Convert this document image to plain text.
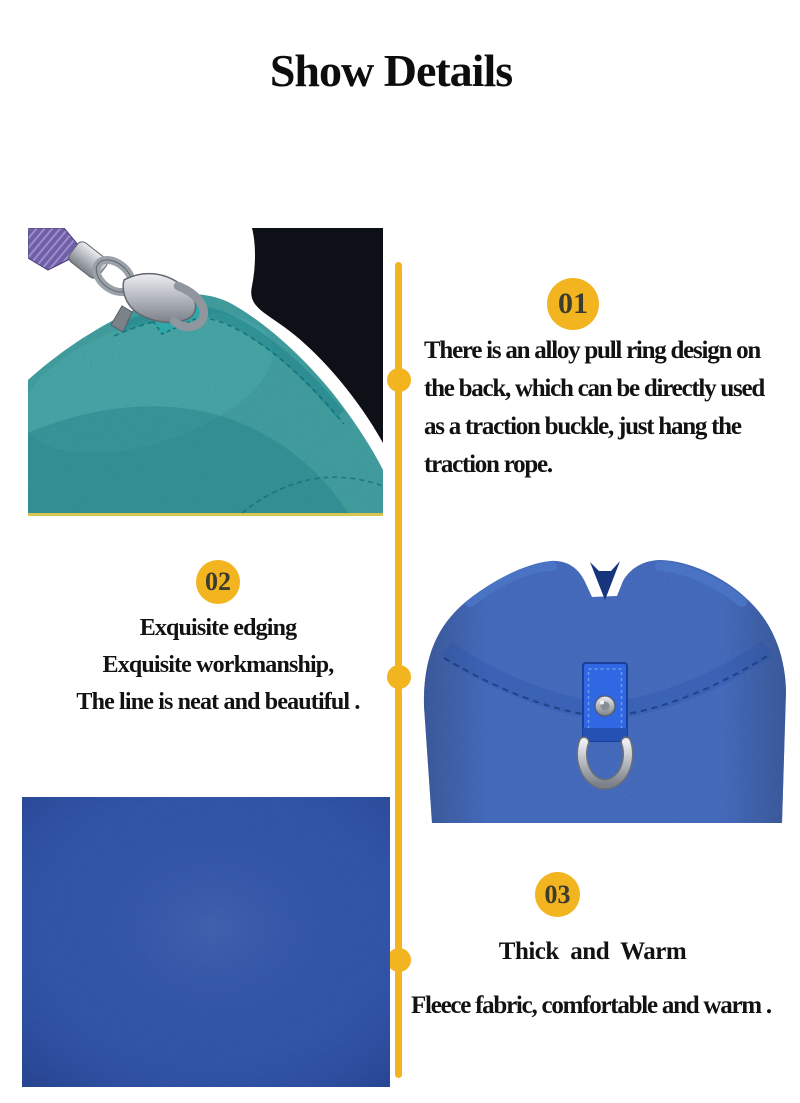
Show Details
01
There is an alloy pull ring design on
the back, which can be directly used
as a traction buckle, just hang the
traction rope.
02
Exquisite edging
Exquisite workmanship,
The line is neat and beautiful .
03
Thick  and  Warm
Fleece fabric, comfortable and warm .
